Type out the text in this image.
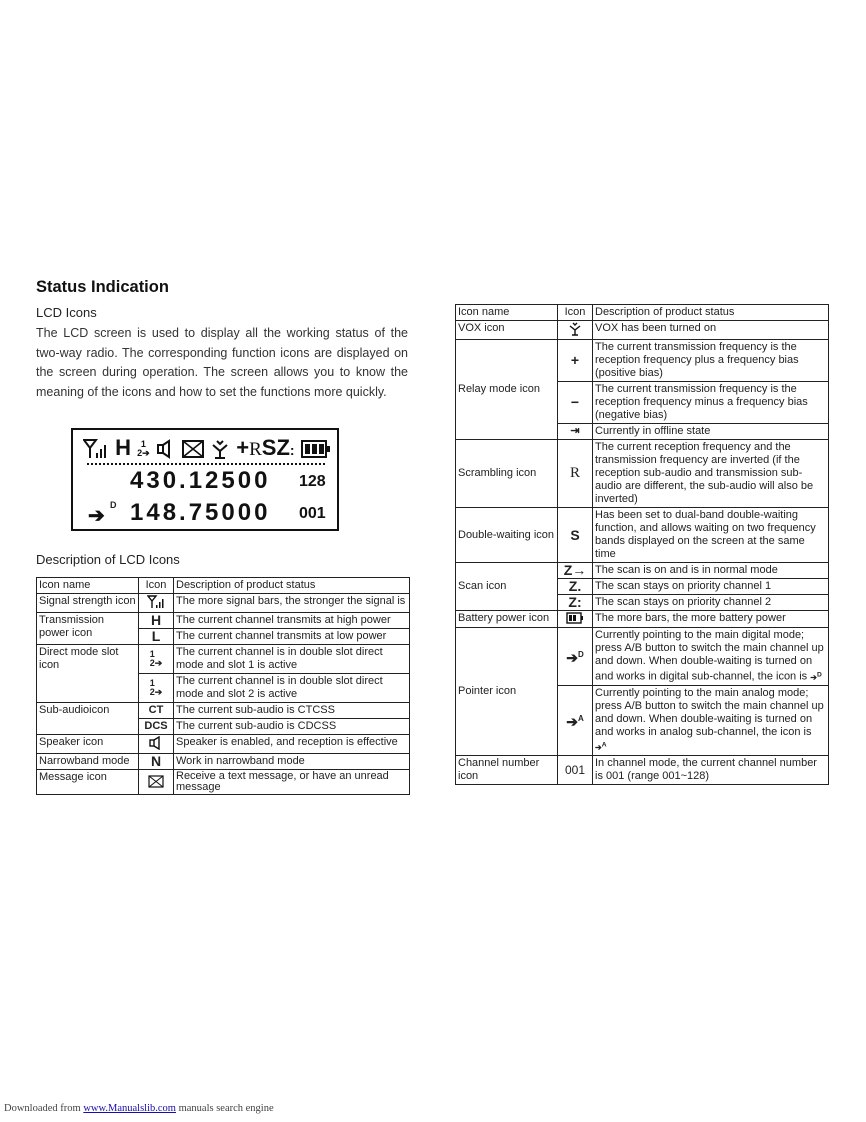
Status Indication
LCD Icons
The LCD screen is used to display all the working status of the two-way radio. The corresponding function icons are displayed on the screen during operation. The screen allows you to know the meaning of the icons and how to set the functions more quickly.
H 1
2➔	+RSZ:
430.12500 128
➔ D 148.75000 001
Description of LCD Icons
Icon name	Icon	Description of product status
Signal strength icon		The more signal bars, the stronger the signal is
Transmission power icon	H	The current channel transmits at high power
	L	The current channel transmits at low power
Direct mode slot icon	1
2➔	The current channel is in double slot direct mode and slot 1 is active
	1
2➔	The current channel is in double slot direct mode and slot 2 is active
Sub-audioicon	CT	The current sub-audio is CTCSS
	DCS	The current sub-audio is CDCSS
Speaker icon		Speaker is enabled, and reception is effective
Narrowband mode	N	Work in narrowband mode
Message icon		Receive a text message, or have an unread message
Icon name	Icon	Description of product status
VOX icon		VOX has been turned on
Relay mode icon	+	The current transmission frequency is the reception frequency plus a frequency bias (positive bias)
	−	The current transmission frequency is the reception frequency minus a frequency bias (negative bias)
	⇥	Currently in offline state
Scrambling icon	R	The current reception frequency and the transmission frequency are inverted (if the reception sub-audio and transmission sub-audio are different, the sub-audio will also be inverted)
Double-waiting icon	S	Has been set to dual-band double-waiting function, and allows waiting on two frequency bands displayed on the screen at the same time
Scan icon	Z→	The scan is on and is in normal mode
	Z.	The scan stays on priority channel 1
	Z:	The scan stays on priority channel 2
Battery power icon		The more bars, the more battery power
Pointer icon	➔$^D$	Currently pointing to the main digital mode; press A/B button to switch the main channel up and down. When double-waiting is turned on and works in digital sub-channel, the icon is ➔$^D$
	➔$^A$	Currently pointing to the main analog mode; press A/B button to switch the main channel up and down. When double-waiting is turned on and works in analog sub-channel, the icon is ➔$^A$
Channel number icon	001	In channel mode, the current channel number is 001 (range 001~128)
Downloaded from www.Manualslib.com manuals search engine
